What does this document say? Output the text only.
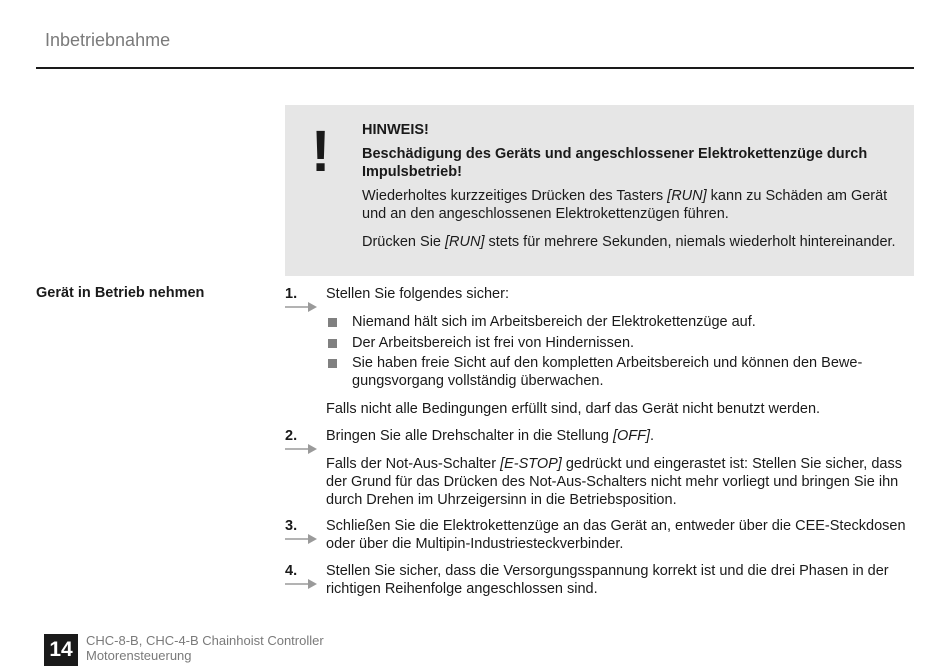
Inbetriebnahme
! HINWEIS!

Beschädigung des Geräts und angeschlossener Elektrokettenzüge durch Impulsbetrieb!

Wiederholtes kurzzeitiges Drücken des Tasters [RUN] kann zu Schäden am Gerät und an den angeschlossenen Elektrokettenzügen führen.

Drücken Sie [RUN] stets für mehrere Sekunden, niemals wiederholt hintereinander.

Gerät in Betrieb nehmen	1. Stellen Sie folgendes sicher:
Niemand hält sich im Arbeitsbereich der Elektrokettenzüge auf.
Der Arbeitsbereich ist frei von Hindernissen.
Sie haben freie Sicht auf den kompletten Arbeitsbereich und können den Bewegungsvorgang vollständig überwachen.
Falls nicht alle Bedingungen erfüllt sind, darf das Gerät nicht benutzt werden.
2. Bringen Sie alle Drehschalter in die Stellung [OFF].
Falls der Not-Aus-Schalter [E-STOP] gedrückt und eingerastet ist: Stellen Sie sicher, dass der Grund für das Drücken des Not-Aus-Schalters nicht mehr vorliegt und bringen Sie ihn durch Drehen im Uhrzeigersinn in die Betriebsposition.
3. Schließen Sie die Elektrokettenzüge an das Gerät an, entweder über die CEE-Steckdosen oder über die Multipin-Industriesteckverbinder.
4. Stellen Sie sicher, dass die Versorgungsspannung korrekt ist und die drei Phasen in der richtigen Reihenfolge angeschlossen sind.
14	CHC-8-B, CHC-4-B Chainhoist Controller
Motorensteuerung
